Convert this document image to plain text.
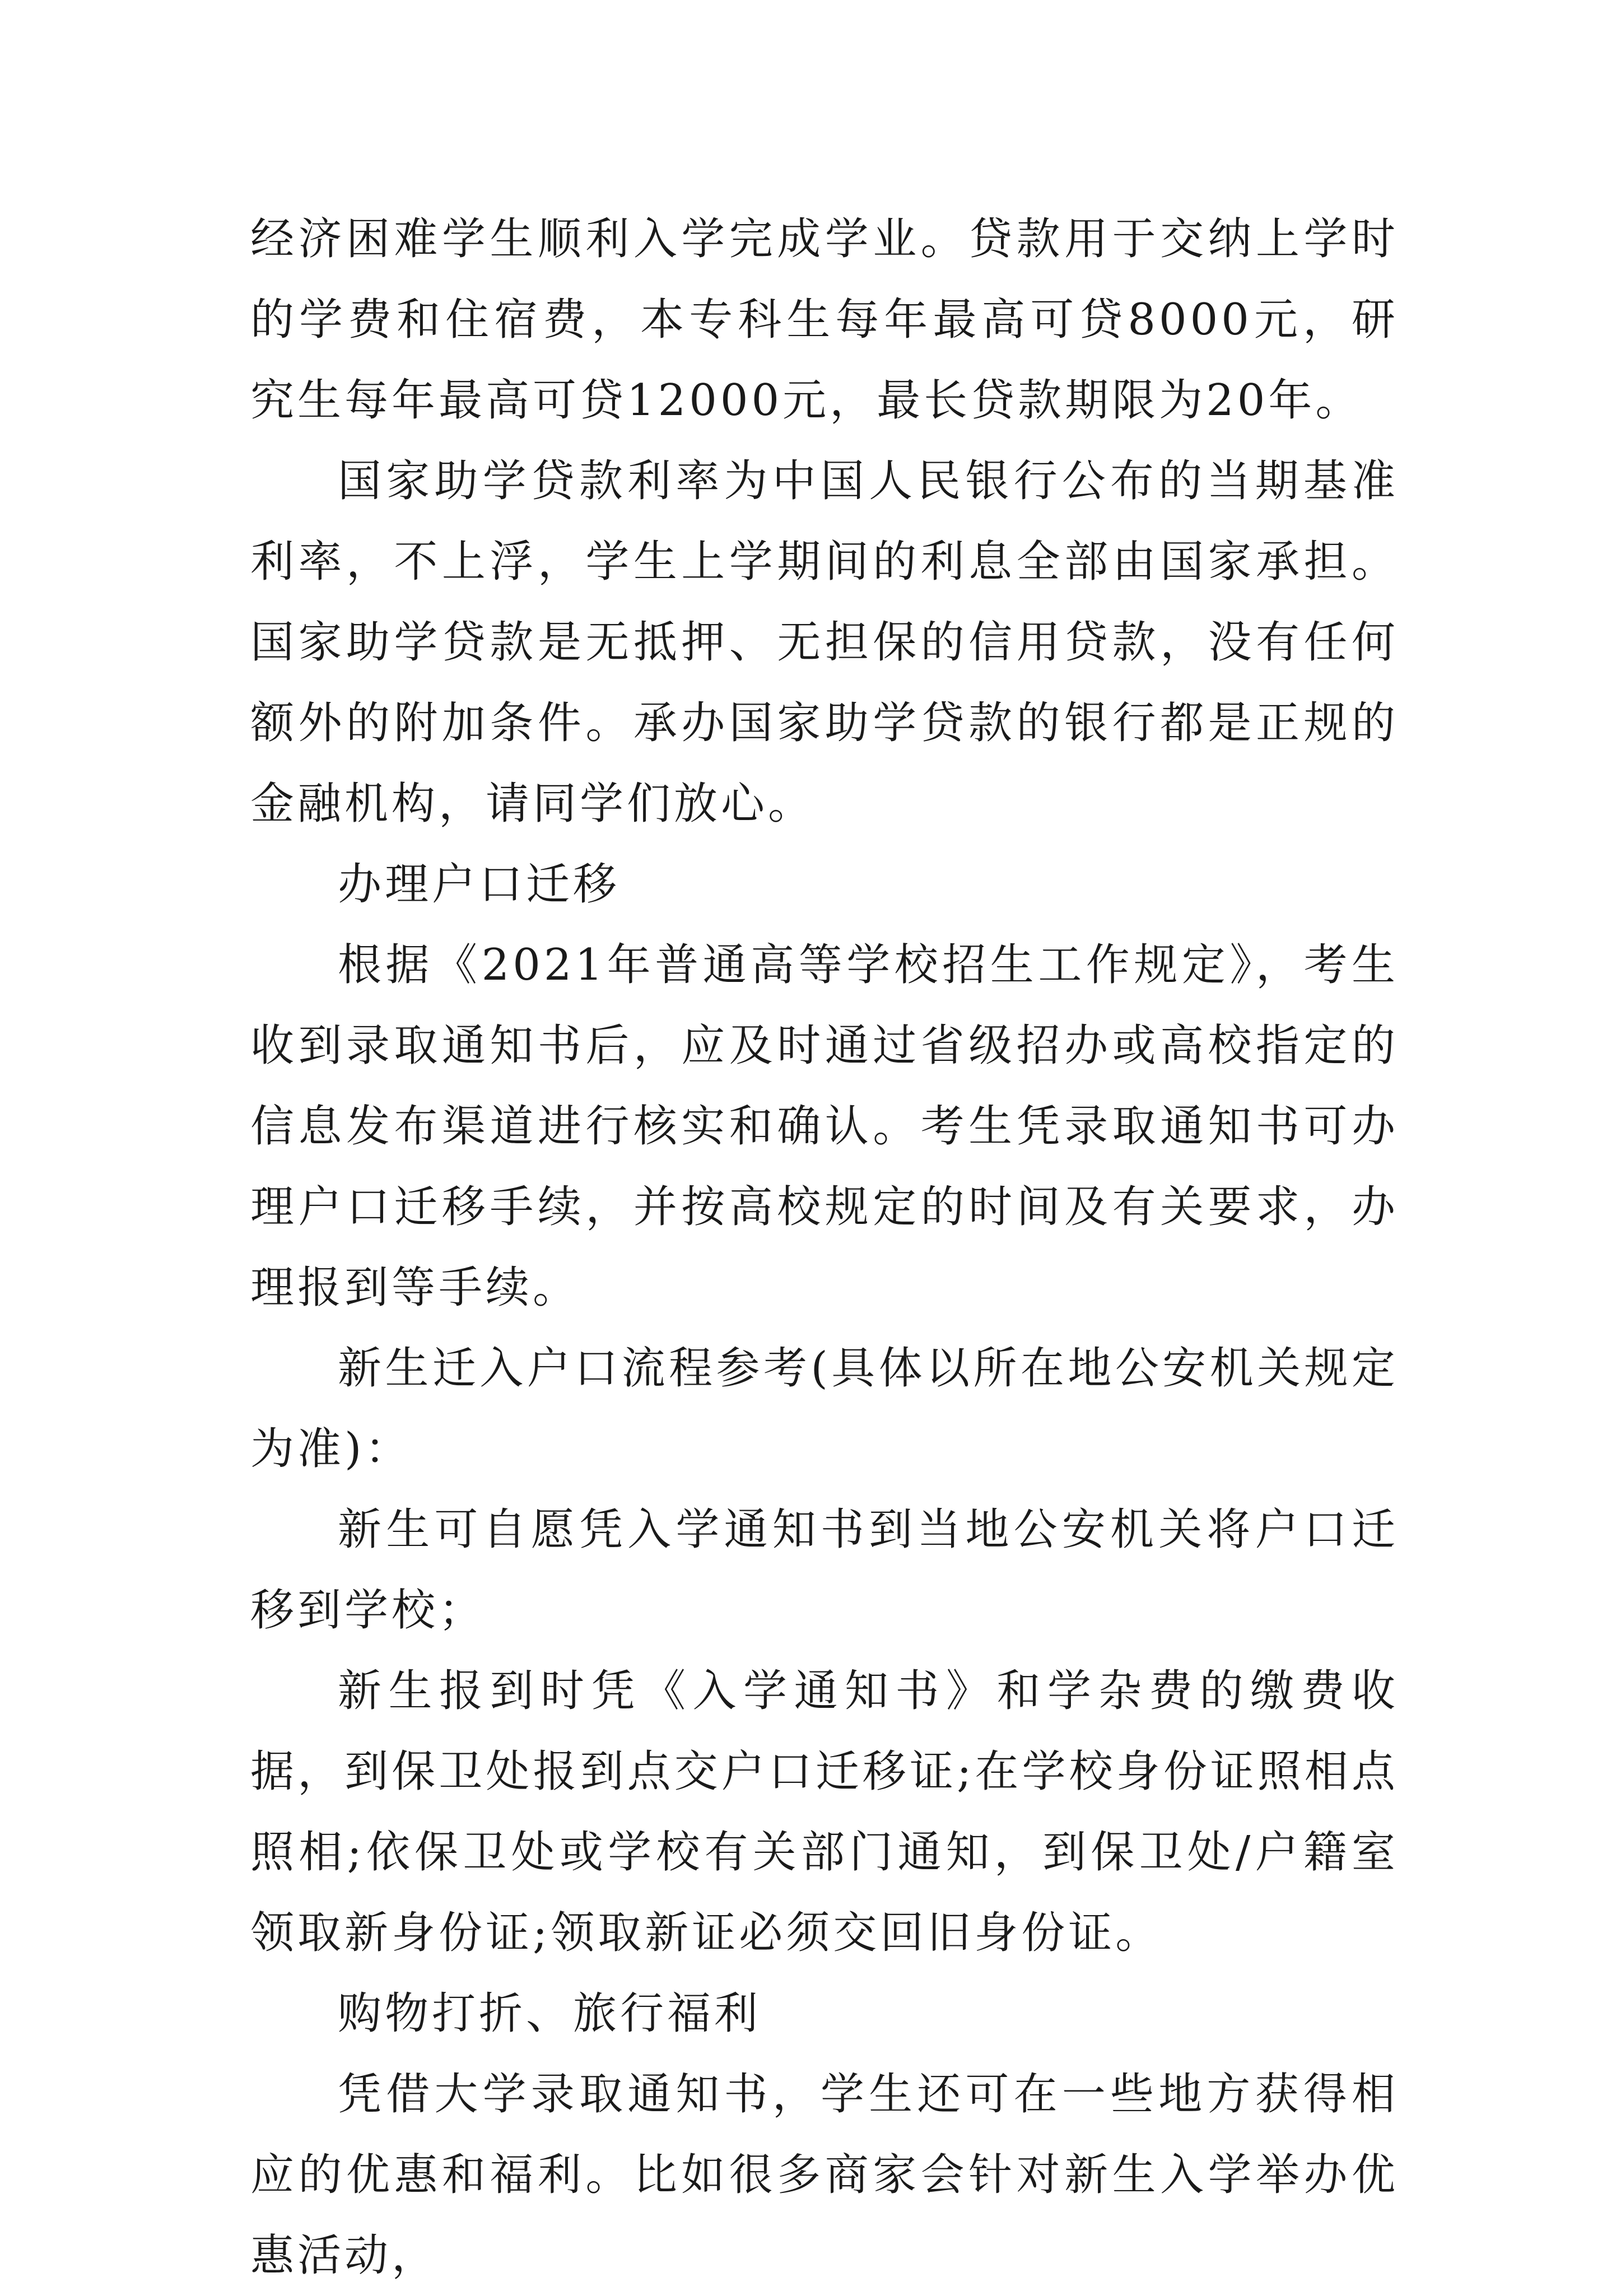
经济困难学生顺利入学完成学业。贷款用于交纳上学时的学费和住宿费，本专科生每年最高可贷8000元，研究生每年最高可贷12000元，最长贷款期限为20年。

国家助学贷款利率为中国人民银行公布的当期基准利率，不上浮，学生上学期间的利息全部由国家承担。国家助学贷款是无抵押、无担保的信用贷款，没有任何额外的附加条件。承办国家助学贷款的银行都是正规的金融机构，请同学们放心。

办理户口迁移

根据《2021年普通高等学校招生工作规定》，考生收到录取通知书后，应及时通过省级招办或高校指定的信息发布渠道进行核实和确认。考生凭录取通知书可办理户口迁移手续，并按高校规定的时间及有关要求，办理报到等手续。

新生迁入户口流程参考(具体以所在地公安机关规定为准)：

新生可自愿凭入学通知书到当地公安机关将户口迁移到学校；

新生报到时凭《入学通知书》和学杂费的缴费收据，到保卫处报到点交户口迁移证;在学校身份证照相点照相;依保卫处或学校有关部门通知，到保卫处/户籍室领取新身份证;领取新证必须交回旧身份证。

购物打折、旅行福利

凭借大学录取通知书，学生还可在一些地方获得相应的优惠和福利。比如很多商家会针对新生入学举办优惠活动，
